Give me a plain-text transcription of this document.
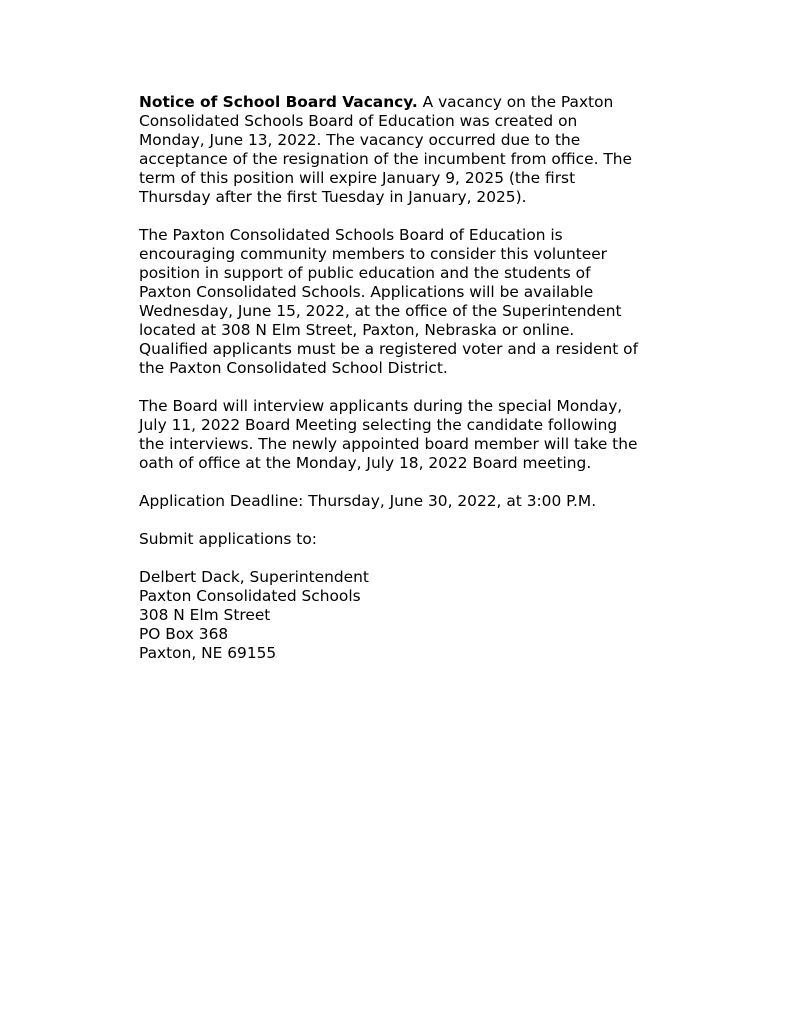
Notice of School Board Vacancy. A vacancy on the Paxton
Consolidated Schools Board of Education was created on
Monday, June 13, 2022. The vacancy occurred due to the
acceptance of the resignation of the incumbent from office. The
term of this position will expire January 9, 2025 (the first
Thursday after the first Tuesday in January, 2025).

The Paxton Consolidated Schools Board of Education is
encouraging community members to consider this volunteer
position in support of public education and the students of
Paxton Consolidated Schools. Applications will be available
Wednesday, June 15, 2022, at the office of the Superintendent
located at 308 N Elm Street, Paxton, Nebraska or online.
Qualified applicants must be a registered voter and a resident of
the Paxton Consolidated School District.

The Board will interview applicants during the special Monday,
July 11, 2022 Board Meeting selecting the candidate following
the interviews. The newly appointed board member will take the
oath of office at the Monday, July 18, 2022 Board meeting.

Application Deadline: Thursday, June 30, 2022, at 3:00 P.M.

Submit applications to:

Delbert Dack, Superintendent
Paxton Consolidated Schools
308 N Elm Street
PO Box 368
Paxton, NE 69155
